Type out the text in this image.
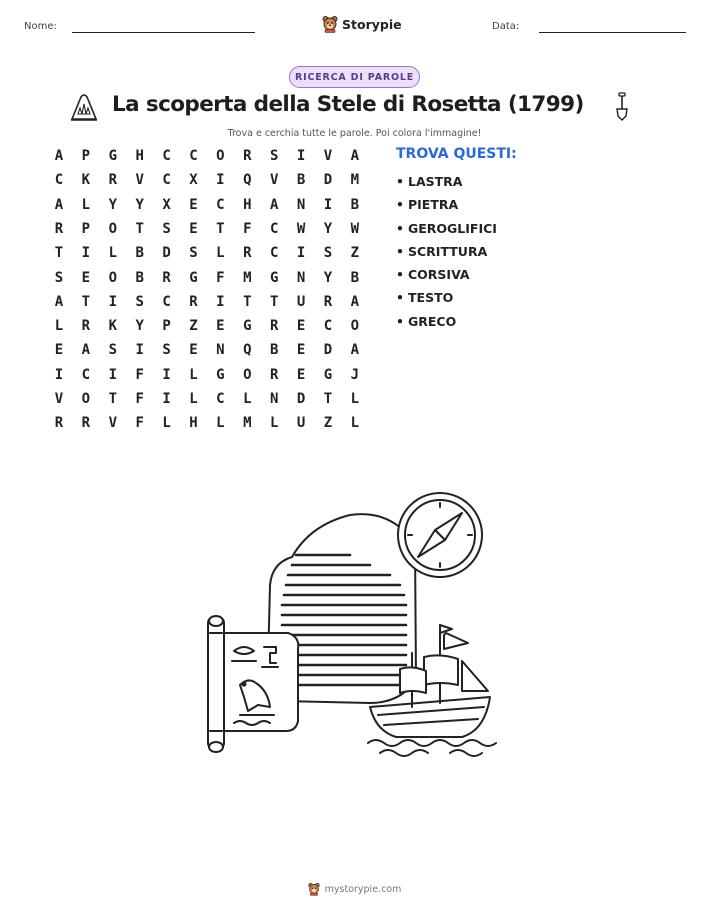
Nome:	Storypie	Data:
RICERCA DI PAROLE
La scoperta della Stele di Rosetta (1799)
Trova e cerchia tutte le parole. Poi colora l'immagine!
A	P	G	H	C	C	O	R	S	I	V	A
C	K	R	V	C	X	I	Q	V	B	D	M
A	L	Y	Y	X	E	C	H	A	N	I	B
R	P	O	T	S	E	T	F	C	W	Y	W
T	I	L	B	D	S	L	R	C	I	S	Z
S	E	O	B	R	G	F	M	G	N	Y	B
A	T	I	S	C	R	I	T	T	U	R	A
L	R	K	Y	P	Z	E	G	R	E	C	O
E	A	S	I	S	E	N	Q	B	E	D	A
I	C	I	F	I	L	G	O	R	E	G	J
V	O	T	F	I	L	C	L	N	D	T	L
R	R	V	F	L	H	L	M	L	U	Z	L
TROVA QUESTI:
• LASTRA
• PIETRA
• GEROGLIFICI
• SCRITTURA
• CORSIVA
• TESTO
• GRECO
mystorypie.com
